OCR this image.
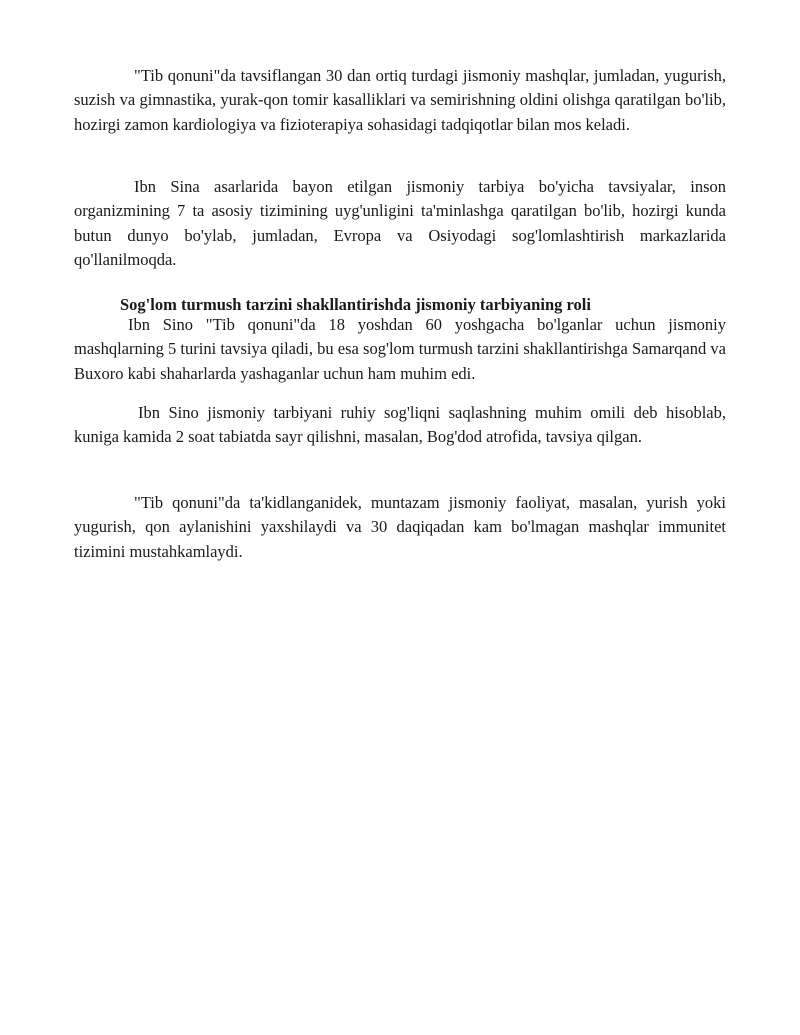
"Tib qonuni"da tavsiflangan 30 dan ortiq turdagi jismoniy mashqlar, jumladan, yugurish, suzish va gimnastika, yurak-qon tomir kasalliklari va semirishning oldini olishga qaratilgan bo'lib, hozirgi zamon kardiologiya va fizioterapiya sohasidagi tadqiqotlar bilan mos keladi.

Ibn Sina asarlarida bayon etilgan jismoniy tarbiya bo'yicha tavsiyalar, inson organizmining 7 ta asosiy tizimining uyg'unligini ta'minlashga qaratilgan bo'lib, hozirgi kunda butun dunyo bo'ylab, jumladan, Evropa va Osiyodagi sog'lomlashtirish markazlarida qo'llanilmoqda.

Sog'lom turmush tarzini shakllantirishda jismoniy tarbiyaning roli

Ibn Sino "Tib qonuni"da 18 yoshdan 60 yoshgacha bo'lganlar uchun jismoniy mashqlarning 5 turini tavsiya qiladi, bu esa sog'lom turmush tarzini shakllantirishga Samarqand va Buxoro kabi shaharlarda yashaganlar uchun ham muhim edi.

Ibn Sino jismoniy tarbiyani ruhiy sog'liqni saqlashning muhim omili deb hisoblab, kuniga kamida 2 soat tabiatda sayr qilishni, masalan, Bog'dod atrofida, tavsiya qilgan.

"Tib qonuni"da ta'kidlanganidek, muntazam jismoniy faoliyat, masalan, yurish yoki yugurish, qon aylanishini yaxshilaydi va 30 daqiqadan kam bo'lmagan mashqlar immunitet tizimini mustahkamlaydi.
